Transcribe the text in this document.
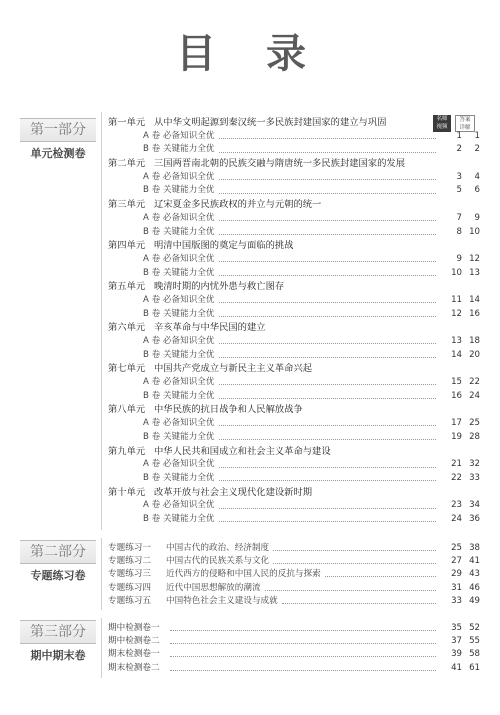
目 录
名师
视频
答案
详解
第一部分
单元检测卷
第一单元 从中华文明起源到秦汉统一多民族封建国家的建立与巩固
A 卷 必备知识全优	1	1
B 卷 关键能力全优	2	2
第二单元 三国两晋南北朝的民族交融与隋唐统一多民族封建国家的发展
A 卷 必备知识全优	3	4
B 卷 关键能力全优	5	6
第三单元 辽宋夏金多民族政权的并立与元朝的统一
A 卷 必备知识全优	7	9
B 卷 关键能力全优	8 10
第四单元 明清中国版图的奠定与面临的挑战
A 卷 必备知识全优	9 12
B 卷 关键能力全优	10 13
第五单元 晚清时期的内忧外患与救亡图存
A 卷 必备知识全优	11 14
B 卷 关键能力全优	12 16
第六单元 辛亥革命与中华民国的建立
A 卷 必备知识全优	13 18
B 卷 关键能力全优	14 20
第七单元 中国共产党成立与新民主主义革命兴起
A 卷 必备知识全优	15 22
B 卷 关键能力全优	16 24
第八单元 中华民族的抗日战争和人民解放战争
A 卷 必备知识全优	17 25
B 卷 关键能力全优	19 28
第九单元 中华人民共和国成立和社会主义革命与建设
A 卷 必备知识全优	21 32
B 卷 关键能力全优	22 33
第十单元 改革开放与社会主义现代化建设新时期
A 卷 必备知识全优	23 34
B 卷 关键能力全优	24 36
第二部分
专题练习卷
专题练习一	中国古代的政治、经济制度	25 38
专题练习二	中国古代的民族关系与文化	27 41
专题练习三	近代西方的侵略和中国人民的反抗与探索	29 43
专题练习四	近代中国思想解放的潮流	31 46
专题练习五	中国特色社会主义建设与成就	33 49
第三部分
期中期末卷
期中检测卷一	35 52
期中检测卷二	37 55
期末检测卷一	39 58
期末检测卷二	41 61
